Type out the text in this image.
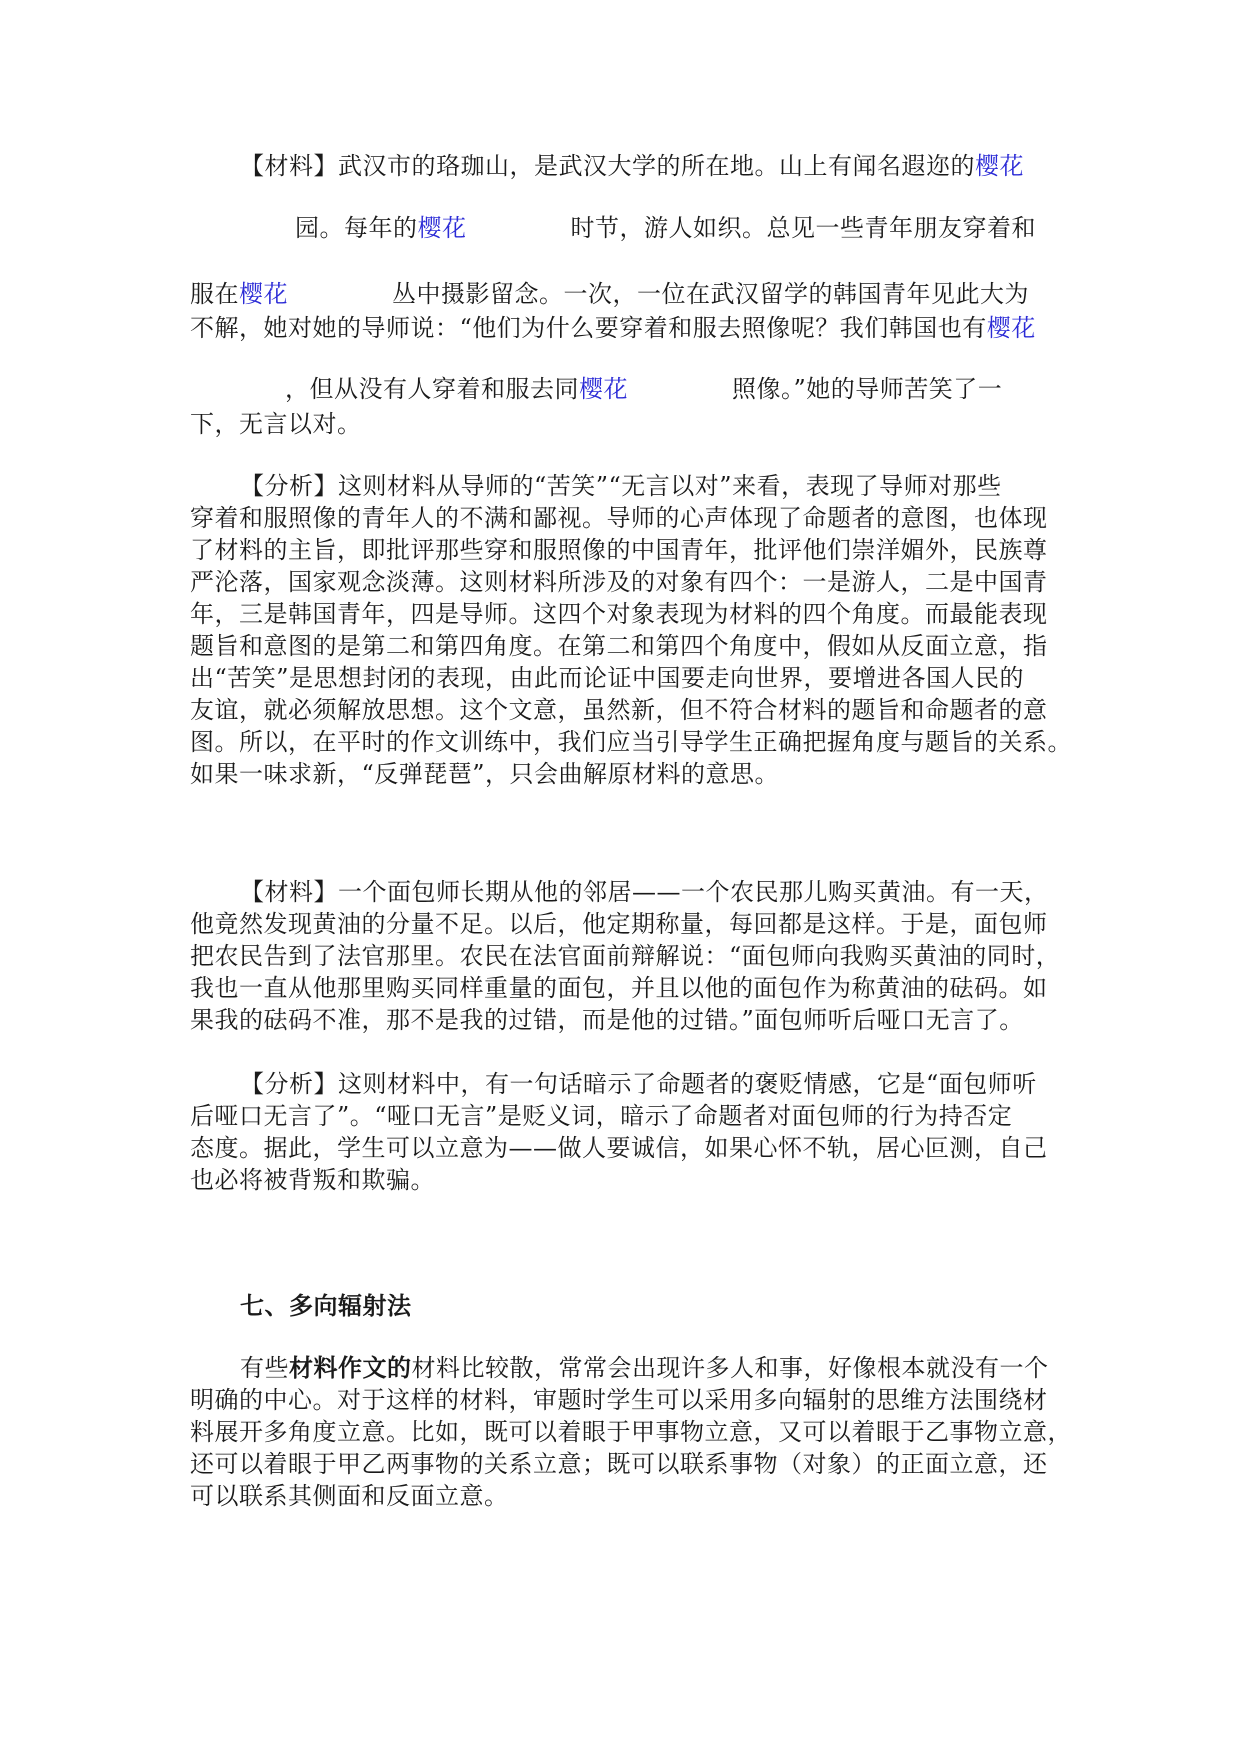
【材料】武汉市的珞珈山，是武汉大学的所在地。山上有闻名遐迩的樱花
园。每年的樱花	时节，游人如织。总见一些青年朋友穿着和
服在樱花	丛中摄影留念。一次，一位在武汉留学的韩国青年见此大为
不解，她对她的导师说：“他们为什么要穿着和服去照像呢？我们韩国也有樱花
，但从没有人穿着和服去同樱花	照像。”她的导师苦笑了一
下，无言以对。
【分析】这则材料从导师的“苦笑”“无言以对”来看，表现了导师对那些
穿着和服照像的青年人的不满和鄙视。导师的心声体现了命题者的意图，也体现
了材料的主旨，即批评那些穿和服照像的中国青年，批评他们崇洋媚外，民族尊
严沦落，国家观念淡薄。这则材料所涉及的对象有四个：一是游人，二是中国青
年，三是韩国青年，四是导师。这四个对象表现为材料的四个角度。而最能表现
题旨和意图的是第二和第四角度。在第二和第四个角度中，假如从反面立意，指
出“苦笑”是思想封闭的表现，由此而论证中国要走向世界，要增进各国人民的
友谊，就必须解放思想。这个文意，虽然新，但不符合材料的题旨和命题者的意
图。所以，在平时的作文训练中，我们应当引导学生正确把握角度与题旨的关系。
如果一味求新，“反弹琵琶”，只会曲解原材料的意思。
【材料】一个面包师长期从他的邻居——一个农民那儿购买黄油。有一天，
他竟然发现黄油的分量不足。以后，他定期称量，每回都是这样。于是，面包师
把农民告到了法官那里。农民在法官面前辩解说：“面包师向我购买黄油的同时，
我也一直从他那里购买同样重量的面包，并且以他的面包作为称黄油的砝码。如
果我的砝码不准，那不是我的过错，而是他的过错。”面包师听后哑口无言了。
【分析】这则材料中，有一句话暗示了命题者的褒贬情感，它是“面包师听
后哑口无言了”。“哑口无言”是贬义词，暗示了命题者对面包师的行为持否定
态度。据此，学生可以立意为——做人要诚信，如果心怀不轨，居心叵测，自己
也必将被背叛和欺骗。
七、多向辐射法
有些材料作文的材料比较散，常常会出现许多人和事，好像根本就没有一个
明确的中心。对于这样的材料，审题时学生可以采用多向辐射的思维方法围绕材
料展开多角度立意。比如，既可以着眼于甲事物立意，又可以着眼于乙事物立意，
还可以着眼于甲乙两事物的关系立意；既可以联系事物（对象）的正面立意，还
可以联系其侧面和反面立意。
